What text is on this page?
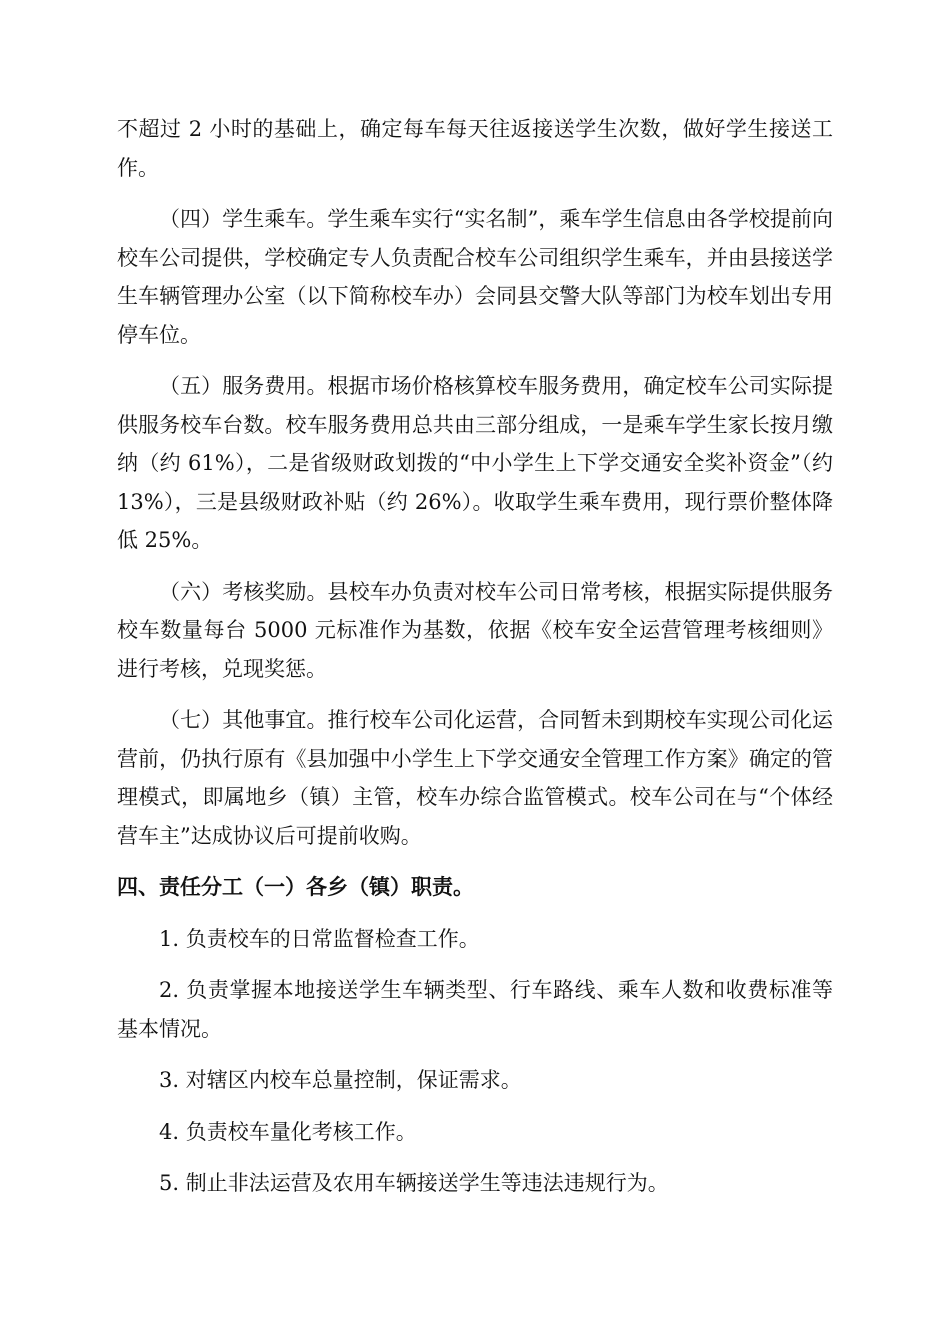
不超过 2 小时的基础上，确定每车每天往返接送学生次数，做好学生接送工作。

（四）学生乘车。学生乘车实行“实名制”，乘车学生信息由各学校提前向校车公司提供，学校确定专人负责配合校车公司组织学生乘车，并由县接送学生车辆管理办公室（以下简称校车办）会同县交警大队等部门为校车划出专用停车位。

（五）服务费用。根据市场价格核算校车服务费用，确定校车公司实际提供服务校车台数。校车服务费用总共由三部分组成，一是乘车学生家长按月缴纳（约 61%），二是省级财政划拨的“中小学生上下学交通安全奖补资金”（约 13%），三是县级财政补贴（约 26%）。收取学生乘车费用，现行票价整体降低 25%。

（六）考核奖励。县校车办负责对校车公司日常考核，根据实际提供服务校车数量每台 5000 元标准作为基数，依据《校车安全运营管理考核细则》进行考核，兑现奖惩。

（七）其他事宜。推行校车公司化运营，合同暂未到期校车实现公司化运营前，仍执行原有《县加强中小学生上下学交通安全管理工作方案》确定的管理模式，即属地乡（镇）主管，校车办综合监管模式。校车公司在与“个体经营车主”达成协议后可提前收购。

四、责任分工（一）各乡（镇）职责。

1. 负责校车的日常监督检查工作。

2. 负责掌握本地接送学生车辆类型、行车路线、乘车人数和收费标准等基本情况。

3. 对辖区内校车总量控制，保证需求。

4. 负责校车量化考核工作。

5. 制止非法运营及农用车辆接送学生等违法违规行为。
